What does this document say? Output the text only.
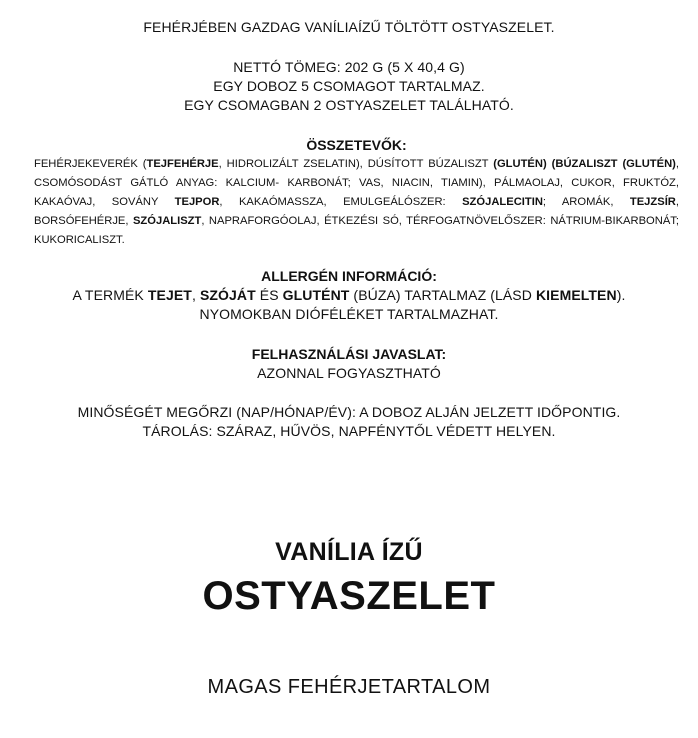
FEHÉRJÉBEN GAZDAG VANÍLIAÍZŰ TÖLTÖTT OSTYASZELET.
NETTÓ TÖMEG: 202 G (5 X 40,4 G)
EGY DOBOZ 5 CSOMAGOT TARTALMAZ.
EGY CSOMAGBAN 2 OSTYASZELET TALÁLHATÓ.
ÖSSZETEVŐK:
FEHÉRJEKEVERÉK (TEJFEHÉRJE, HIDROLIZÁLT ZSELATIN), DÚSÍTOTT BÚZALISZT (GLUTÉN) (BÚZALISZT (GLUTÉN), CSOMÓSODÁST GÁTLÓ ANYAG: KALCIUM- KARBONÁT; VAS, NIACIN, TIAMIN), PÁLMAOLAJ, CUKOR, FRUKTÓZ, KAKAÓVAJ, SOVÁNY TEJPOR, KAKAÓMASSZA, EMULGEÁLÓSZER: SZÓJALECITIN; AROMÁK, TEJZSÍR, BORSÓFEHÉRJE, SZÓJALISZT, NAPRAFORGÓOLAJ, ÉTKEZÉSI SÓ, TÉRFOGATNÖVELŐSZER: NÁTRIUM-BIKARBONÁT; KUKORICALISZT.
ALLERGÉN INFORMÁCIÓ:
A TERMÉK TEJET, SZÓJÁT ÉS GLUTÉNT (BÚZA) TARTALMAZ (LÁSD KIEMELTEN).
NYOMOKBAN DIÓFÉLÉKET TARTALMAZHAT.
FELHASZNÁLÁSI JAVASLAT:
AZONNAL FOGYASZTHATÓ
MINŐSÉGÉT MEGŐRZI (NAP/HÓNAP/ÉV): A DOBOZ ALJÁN JELZETT IDŐPONTIG.
TÁROLÁS: SZÁRAZ, HŰVÖS, NAPFÉNYTŐL VÉDETT HELYEN.
VANÍLIA ÍZŰ
OSTYASZELET
MAGAS FEHÉRJETARTALOM
